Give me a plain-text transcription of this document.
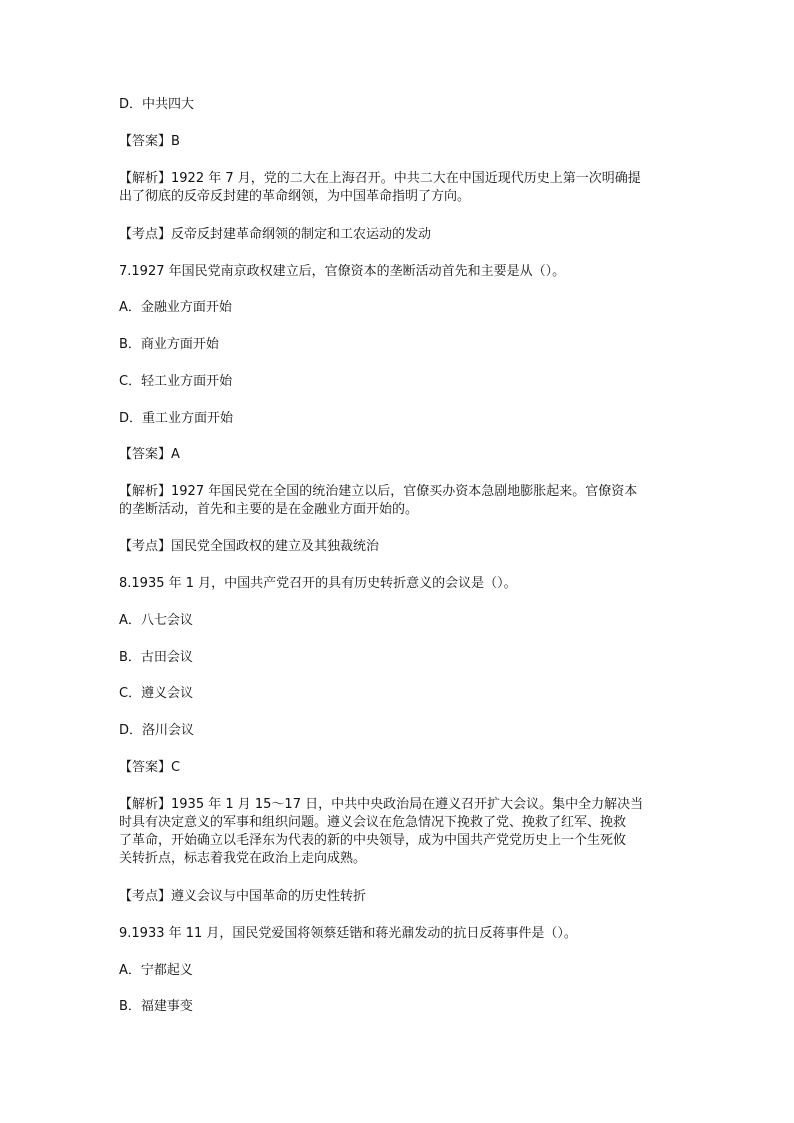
D．中共四大
【答案】B
【解析】1922 年 7 月，党的二大在上海召开。中共二大在中国近现代历史上第一次明确提
出了彻底的反帝反封建的革命纲领，为中国革命指明了方向。
【考点】反帝反封建革命纲领的制定和工农运动的发动
7.1927 年国民党南京政权建立后，官僚资本的垄断活动首先和主要是从（）。
A．金融业方面开始
B．商业方面开始
C．轻工业方面开始
D．重工业方面开始
【答案】A
【解析】1927 年国民党在全国的统治建立以后，官僚买办资本急剧地膨胀起来。官僚资本
的垄断活动，首先和主要的是在金融业方面开始的。
【考点】国民党全国政权的建立及其独裁统治
8.1935 年 1 月，中国共产党召开的具有历史转折意义的会议是（）。
A．八七会议
B．古田会议
C．遵义会议
D．洛川会议
【答案】C
【解析】1935 年 1 月 15～17 日，中共中央政治局在遵义召开扩大会议。集中全力解决当
时具有决定意义的军事和组织问题。遵义会议在危急情况下挽救了党、挽救了红军、挽救
了革命，开始确立以毛泽东为代表的新的中央领导，成为中国共产党党历史上一个生死攸
关转折点，标志着我党在政治上走向成熟。
【考点】遵义会议与中国革命的历史性转折
9.1933 年 11 月，国民党爱国将领蔡廷锴和蒋光鼐发动的抗日反蒋事件是（）。
A．宁都起义
B．福建事变
